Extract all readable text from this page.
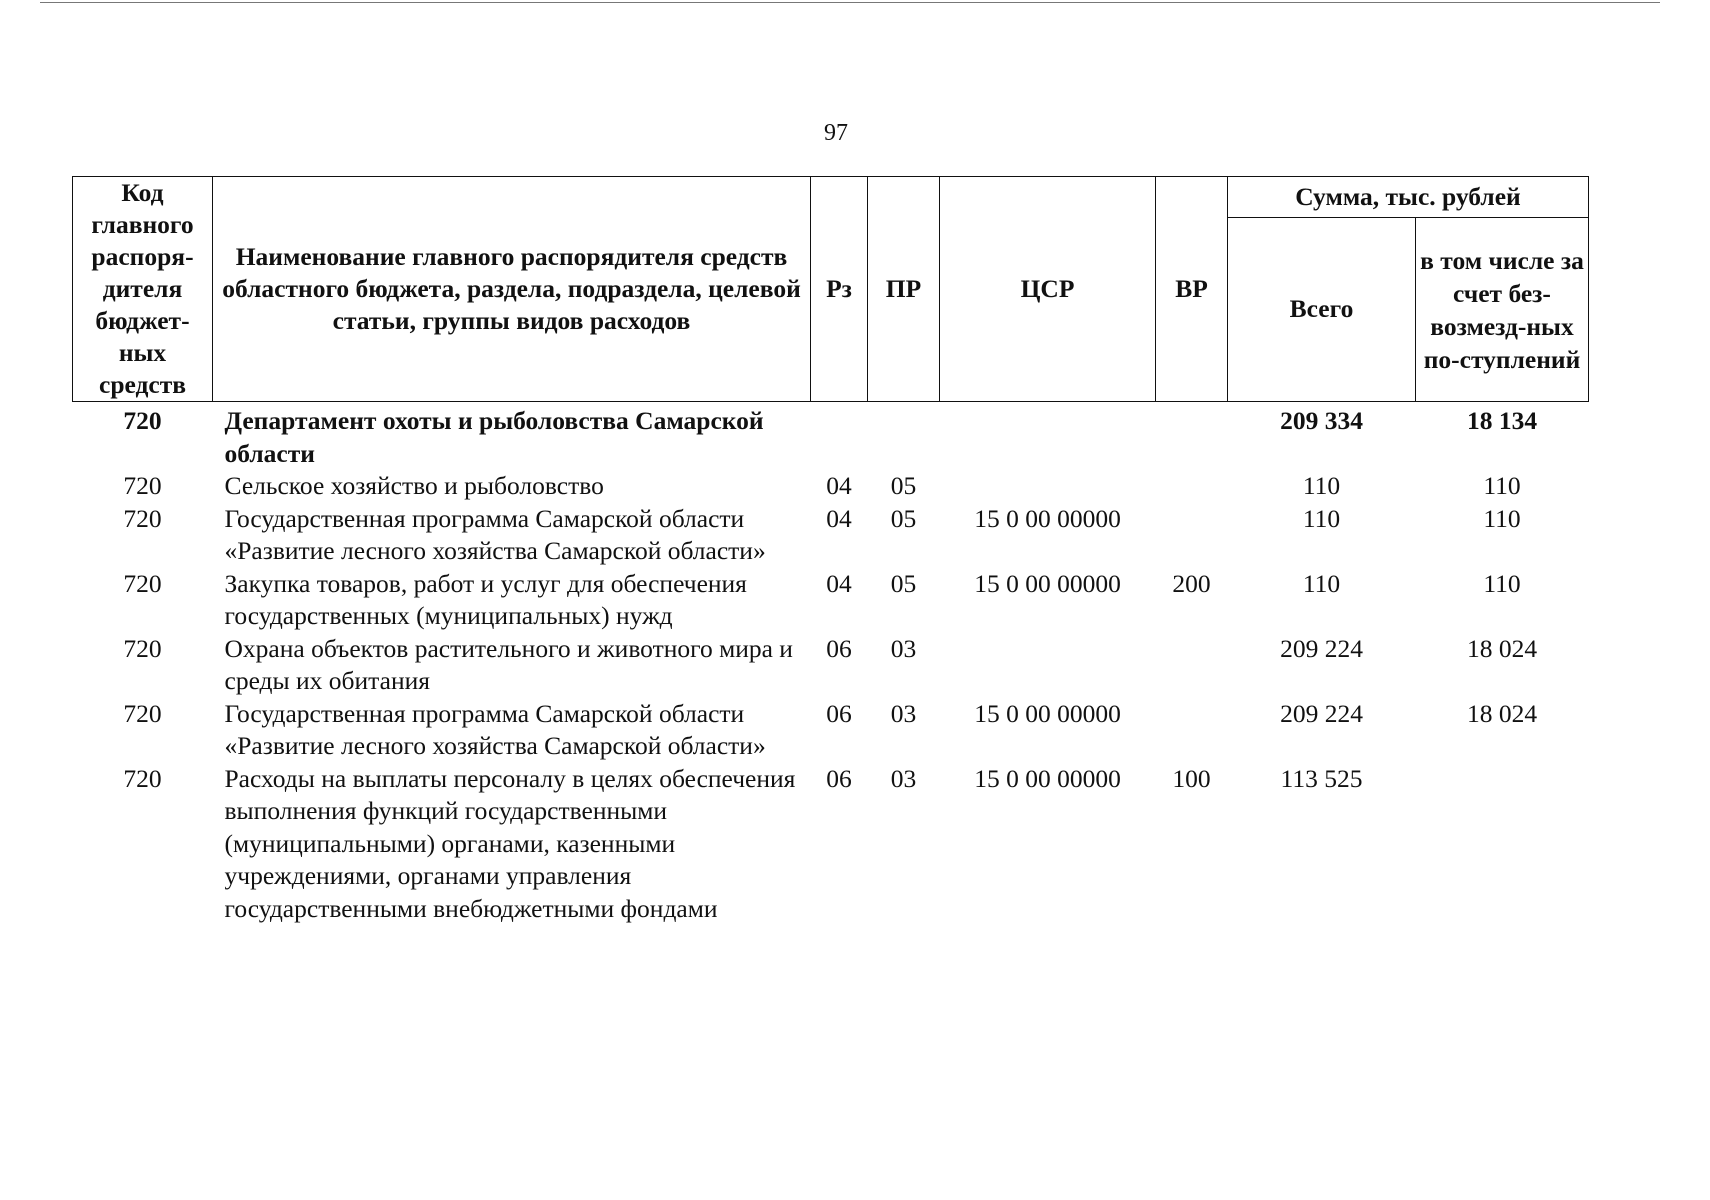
97
Код главного распоря-дителя бюджет-ных средств	Наименование главного распорядителя средств областного бюджета, раздела, подраздела, целевой статьи, группы видов расходов	Рз	ПР	ЦСР	ВР	Сумма, тыс. рублей	
						Всего	в том числе за счет без-возмезд-ных по-ступлений
720	Департамент охоты и рыболовства Самарской области					209 334	18 134
720	Сельское хозяйство и рыболовство	04	05			110	110
720	Государственная программа Самарской области «Развитие лесного хозяйства Самарской области»	04	05	15 0 00 00000		110	110
720	Закупка товаров, работ и услуг для обеспечения государственных (муниципальных) нужд	04	05	15 0 00 00000	200	110	110
720	Охрана объектов растительного и животного мира и среды их обитания	06	03			209 224	18 024
720	Государственная программа Самарской области «Развитие лесного хозяйства Самарской области»	06	03	15 0 00 00000		209 224	18 024
720	Расходы на выплаты персоналу в целях обеспечения выполнения функций государственными (муниципальными) органами, казенными учреждениями, органами управления государственными внебюджетными фондами	06	03	15 0 00 00000	100	113 525	
